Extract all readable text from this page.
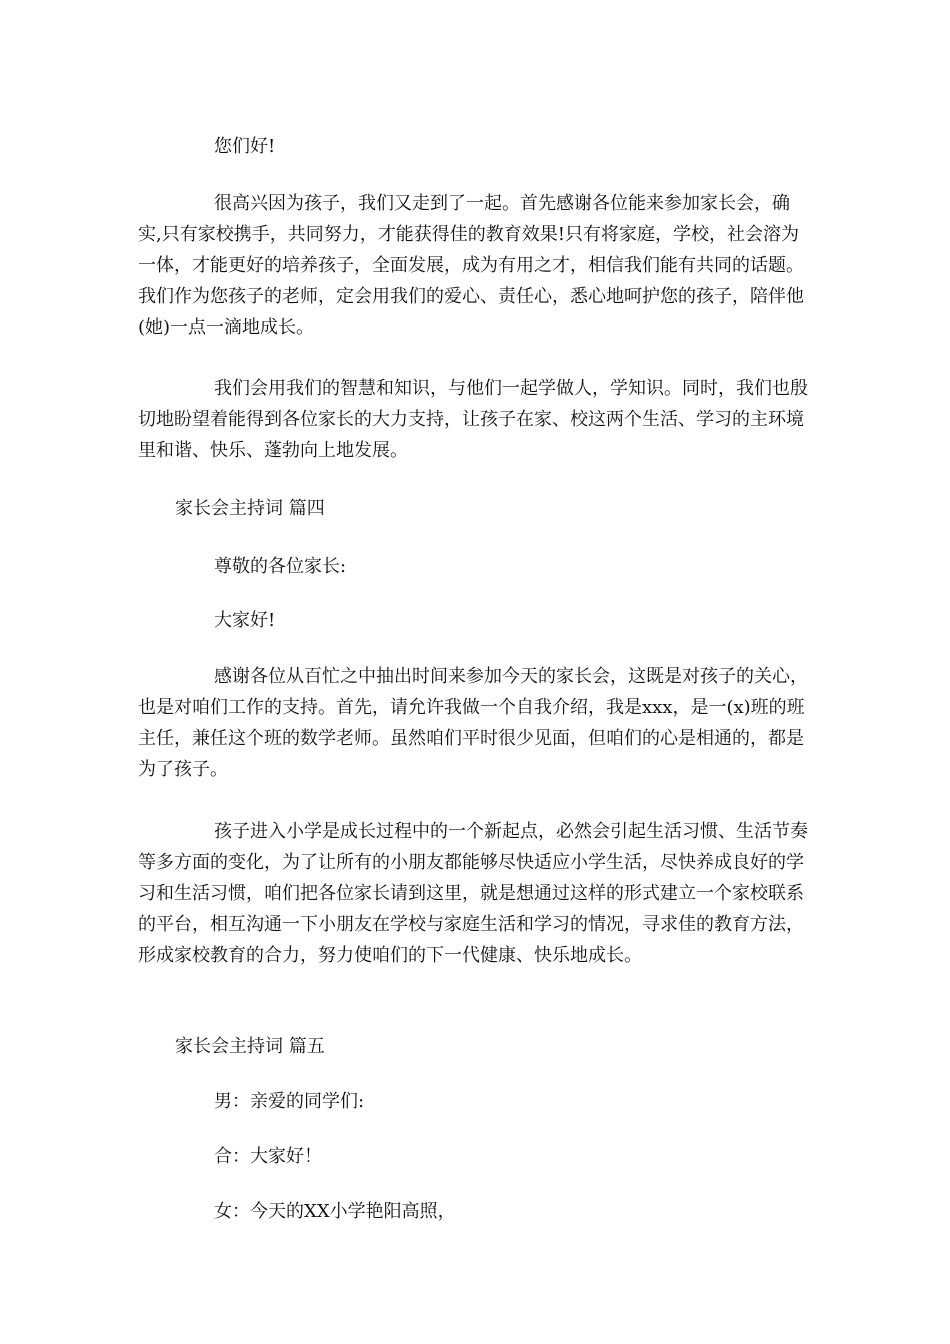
您们好!

很高兴因为孩子，我们又走到了一起。首先感谢各位能来参加家长会，确实,只有家校携手，共同努力，才能获得佳的教育效果!只有将家庭，学校，社会溶为一体，才能更好的培养孩子，全面发展，成为有用之才，相信我们能有共同的话题。我们作为您孩子的老师，定会用我们的爱心、责任心，悉心地呵护您的孩子，陪伴他(她)一点一滴地成长。

我们会用我们的智慧和知识，与他们一起学做人，学知识。同时，我们也殷切地盼望着能得到各位家长的大力支持，让孩子在家、校这两个生活、学习的主环境里和谐、快乐、蓬勃向上地发展。

家长会主持词 篇四

尊敬的各位家长:

大家好!

感谢各位从百忙之中抽出时间来参加今天的家长会，这既是对孩子的关心，也是对咱们工作的支持。首先，请允许我做一个自我介绍，我是xxx，是一(x)班的班主任，兼任这个班的数学老师。虽然咱们平时很少见面，但咱们的心是相通的，都是为了孩子。

孩子进入小学是成长过程中的一个新起点，必然会引起生活习惯、生活节奏等多方面的变化，为了让所有的小朋友都能够尽快适应小学生活，尽快养成良好的学习和生活习惯，咱们把各位家长请到这里，就是想通过这样的形式建立一个家校联系的平台，相互沟通一下小朋友在学校与家庭生活和学习的情况，寻求佳的教育方法，形成家校教育的合力，努力使咱们的下一代健康、快乐地成长。

家长会主持词 篇五

男：亲爱的同学们:

合：大家好！

女：今天的XX小学艳阳高照，
